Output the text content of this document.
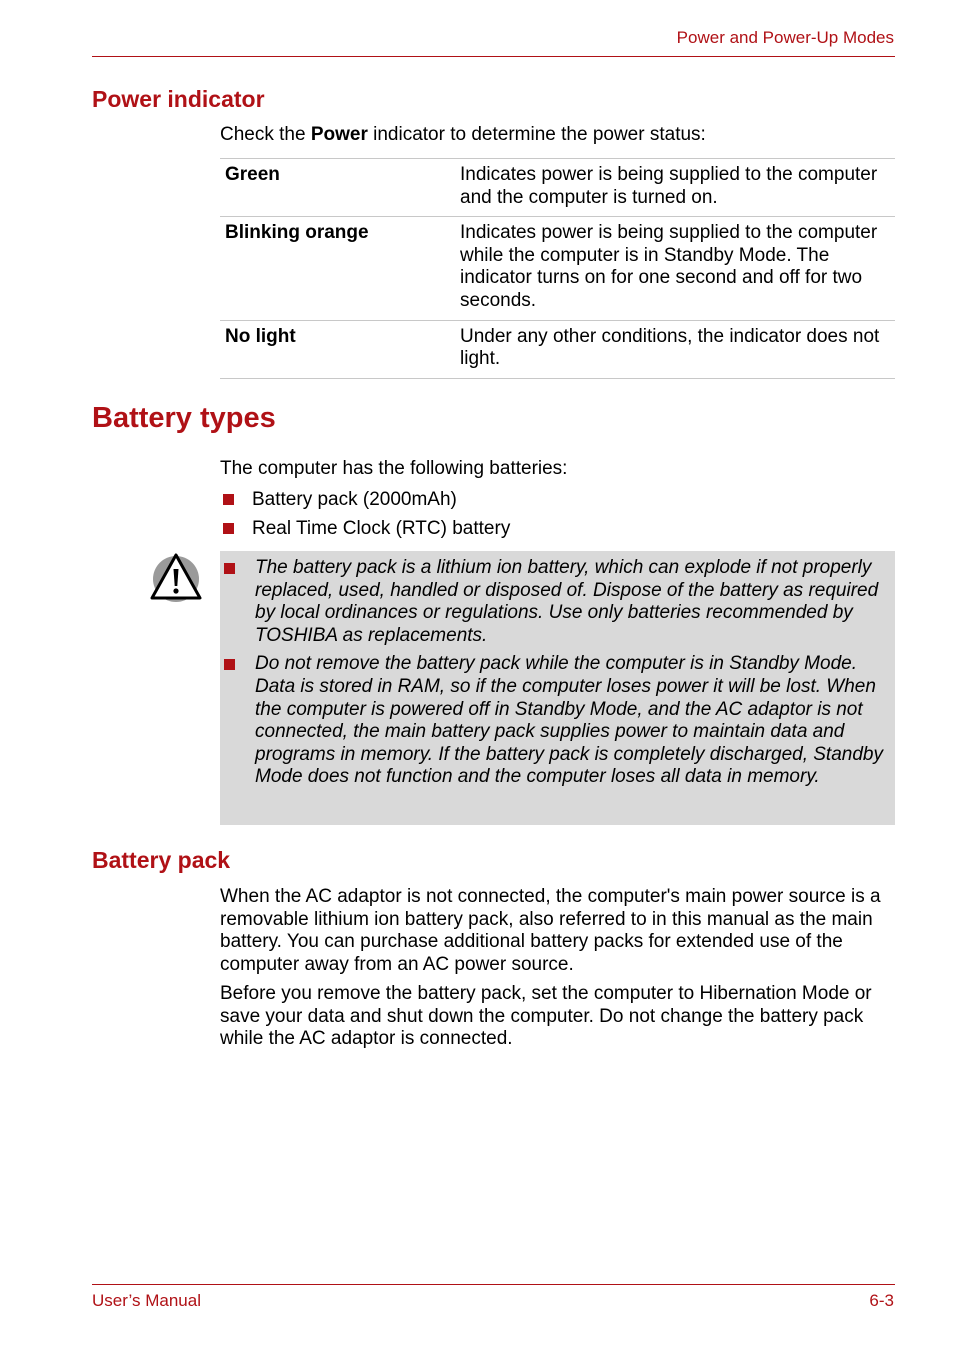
Power and Power-Up Modes
Power indicator
Check the Power indicator to determine the power status:
Green	Indicates power is being supplied to the computer and the computer is turned on.
Blinking orange	Indicates power is being supplied to the computer while the computer is in Standby Mode. The indicator turns on for one second and off for two seconds.
No light	Under any other conditions, the indicator does not light.
Battery types
The computer has the following batteries:
Battery pack (2000mAh)
Real Time Clock (RTC) battery
The battery pack is a lithium ion battery, which can explode if not properly replaced, used, handled or disposed of. Dispose of the battery as required by local ordinances or regulations. Use only batteries recommended by TOSHIBA as replacements.
Do not remove the battery pack while the computer is in Standby Mode. Data is stored in RAM, so if the computer loses power it will be lost. When the computer is powered off in Standby Mode, and the AC adaptor is not connected, the main battery pack supplies power to maintain data and programs in memory. If the battery pack is completely discharged, Standby Mode does not function and the computer loses all data in memory.
Battery pack
When the AC adaptor is not connected, the computer's main power source is a removable lithium ion battery pack, also referred to in this manual as the main battery. You can purchase additional battery packs for extended use of the computer away from an AC power source.
Before you remove the battery pack, set the computer to Hibernation Mode or save your data and shut down the computer. Do not change the battery pack while the AC adaptor is connected.
User’s Manual	6-3
